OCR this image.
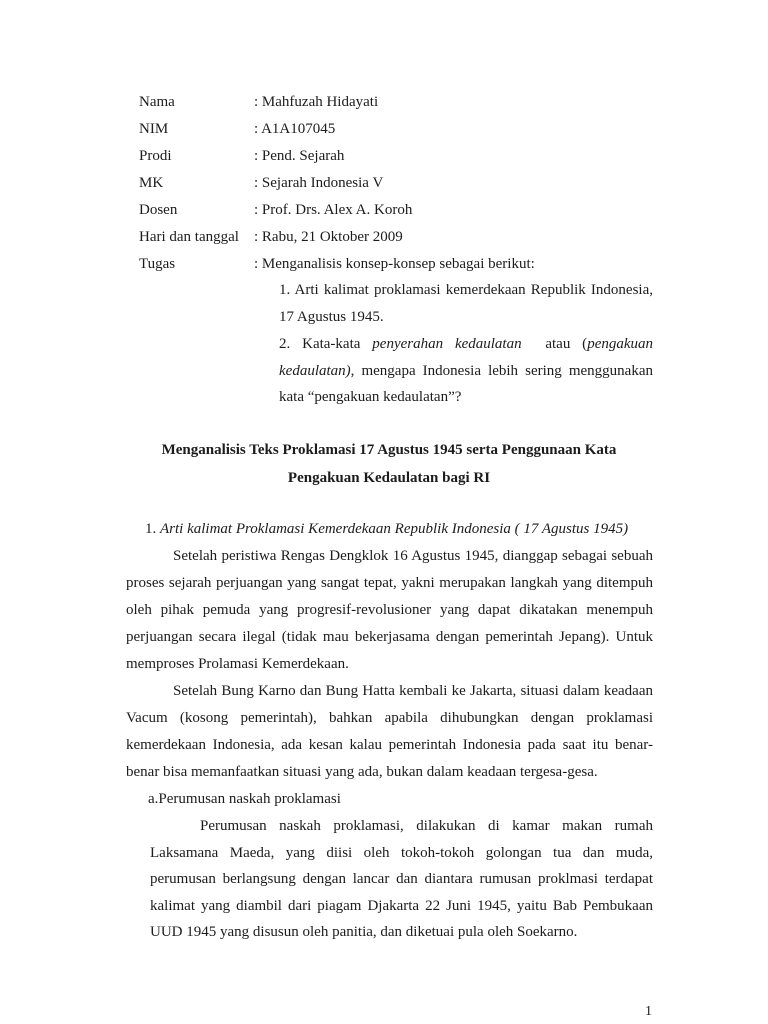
Nama	: Mahfuzah Hidayati
NIM	: A1A107045
Prodi	: Pend. Sejarah
MK	: Sejarah Indonesia V
Dosen	: Prof. Drs. Alex A. Koroh
Hari dan tanggal : Rabu, 21 Oktober 2009
Tugas	: Menganalisis konsep-konsep sebagai berikut:
1. Arti kalimat proklamasi kemerdekaan Republik Indonesia, 17 Agustus 1945.
2. Kata-kata penyerahan kedaulatan  atau (pengakuan kedaulatan), mengapa Indonesia lebih sering menggunakan kata “pengakuan kedaulatan”?
Menganalisis Teks Proklamasi 17 Agustus 1945 serta Penggunaan Kata Pengakuan Kedaulatan bagi RI
1. Arti kalimat Proklamasi Kemerdekaan Republik Indonesia ( 17 Agustus 1945)

Setelah peristiwa Rengas Dengklok 16 Agustus 1945, dianggap sebagai sebuah proses sejarah perjuangan yang sangat tepat, yakni merupakan langkah yang ditempuh oleh pihak pemuda yang progresif-revolusioner yang dapat dikatakan menempuh perjuangan secara ilegal (tidak mau bekerjasama dengan pemerintah Jepang). Untuk memproses Prolamasi Kemerdekaan.

Setelah Bung Karno dan Bung Hatta kembali ke Jakarta, situasi dalam keadaan Vacum (kosong pemerintah), bahkan apabila dihubungkan dengan proklamasi kemerdekaan Indonesia, ada kesan kalau pemerintah Indonesia pada saat itu benar-benar bisa memanfaatkan situasi yang ada, bukan dalam keadaan tergesa-gesa.

a.Perumusan naskah proklamasi

Perumusan naskah proklamasi, dilakukan di kamar makan rumah Laksamana Maeda, yang diisi oleh tokoh-tokoh golongan tua dan muda, perumusan berlangsung dengan lancar dan diantara rumusan proklmasi terdapat kalimat yang diambil dari piagam Djakarta 22 Juni 1945, yaitu Bab Pembukaan UUD 1945 yang disusun oleh panitia, dan diketuai pula oleh Soekarno.

1
